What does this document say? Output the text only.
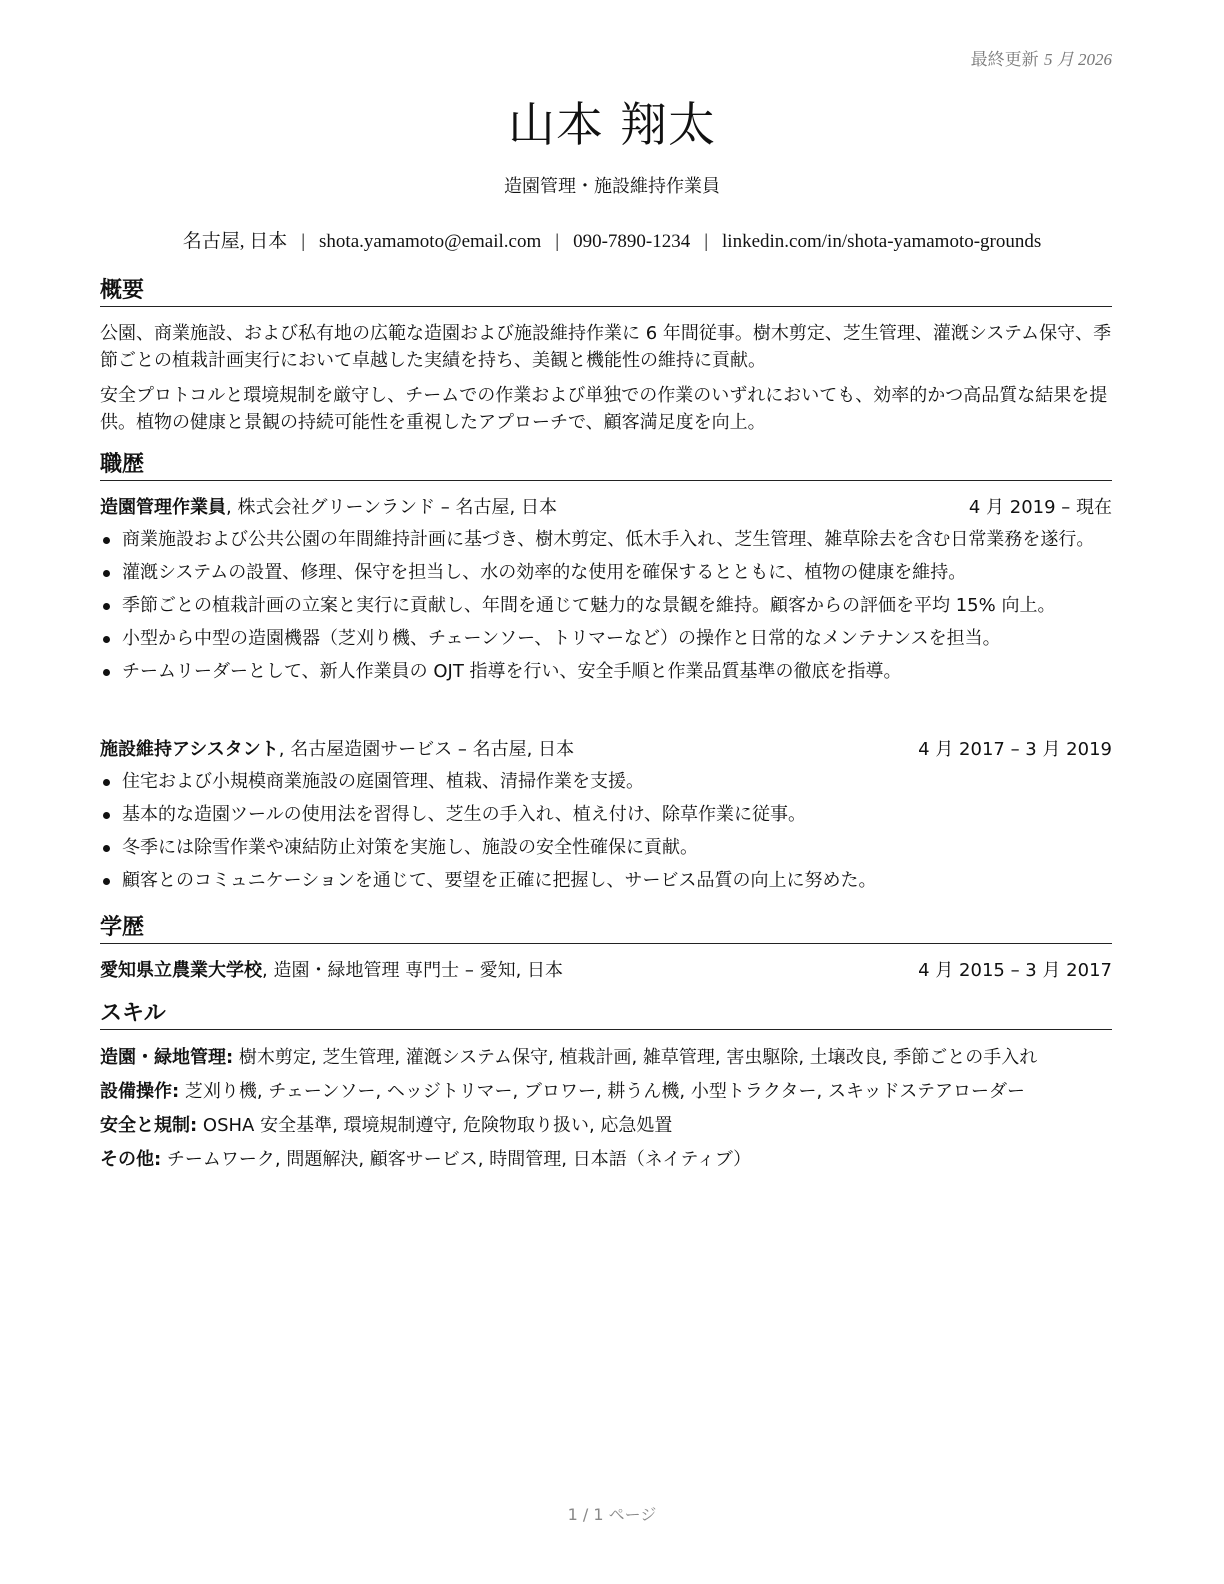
最終更新 5 月 2026
山本 翔太
造園管理・施設維持作業員
名古屋, 日本 | shota.yamamoto@email.com | 090-7890-1234 | linkedin.com/in/shota-yamamoto-grounds
概要

公園、商業施設、および私有地の広範な造園および施設維持作業に 6 年間従事。樹木剪定、芝生管理、灌漑システム保守、季節ごとの植栽計画実行において卓越した実績を持ち、美観と機能性の維持に貢献。

安全プロトコルと環境規制を厳守し、チームでの作業および単独での作業のいずれにおいても、効率的かつ高品質な結果を提供。植物の健康と景観の持続可能性を重視したアプローチで、顧客満足度を向上。

職歴
造園管理作業員, 株式会社グリーンランド – 名古屋, 日本	4 月 2019 – 現在
商業施設および公共公園の年間維持計画に基づき、樹木剪定、低木手入れ、芝生管理、雑草除去を含む日常業務を遂行。
灌漑システムの設置、修理、保守を担当し、水の効率的な使用を確保するとともに、植物の健康を維持。
季節ごとの植栽計画の立案と実行に貢献し、年間を通じて魅力的な景観を維持。顧客からの評価を平均 15% 向上。
小型から中型の造園機器（芝刈り機、チェーンソー、トリマーなど）の操作と日常的なメンテナンスを担当。
チームリーダーとして、新人作業員の OJT 指導を行い、安全手順と作業品質基準の徹底を指導。
施設維持アシスタント, 名古屋造園サービス – 名古屋, 日本	4 月 2017 – 3 月 2019
住宅および小規模商業施設の庭園管理、植栽、清掃作業を支援。
基本的な造園ツールの使用法を習得し、芝生の手入れ、植え付け、除草作業に従事。
冬季には除雪作業や凍結防止対策を実施し、施設の安全性確保に貢献。
顧客とのコミュニケーションを通じて、要望を正確に把握し、サービス品質の向上に努めた。
学歴
愛知県立農業大学校, 造園・緑地管理 専門士 – 愛知, 日本	4 月 2015 – 3 月 2017
スキル
造園・緑地管理: 樹木剪定, 芝生管理, 灌漑システム保守, 植栽計画, 雑草管理, 害虫駆除, 土壌改良, 季節ごとの手入れ
設備操作: 芝刈り機, チェーンソー, ヘッジトリマー, ブロワー, 耕うん機, 小型トラクター, スキッドステアローダー
安全と規制: OSHA 安全基準, 環境規制遵守, 危険物取り扱い, 応急処置
その他: チームワーク, 問題解決, 顧客サービス, 時間管理, 日本語（ネイティブ）
1 / 1 ページ
